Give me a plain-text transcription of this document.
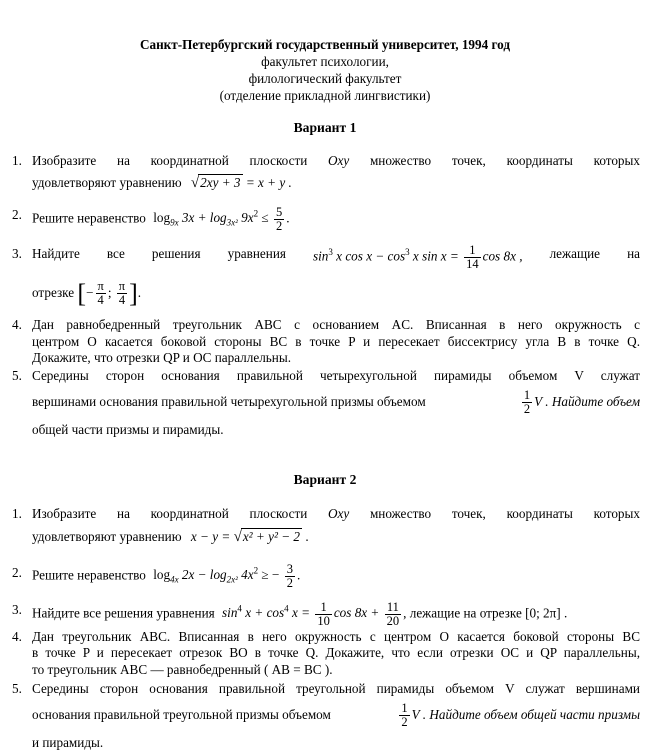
Санкт-Петербургский государственный университет, 1994 год
факультет психологии,
филологический факультет
(отделение прикладной лингвистики)
Вариант 1
1. Изобразите на координатной плоскости Oxy множество точек, координаты которых
удовлетворяют уравнению √2xy + 3 = x + y .
2. Решите неравенство $\log_{9x} 3x + \log_{3x^2} 9x^2 \le \frac{5}{2}$ .
3. Найдите все решения уравнения $\sin^3 x$ $\cos x - \cos^3 x$ $\sin x = \frac{1}{14}$ cos 8x , лежащие на
отрезке [− $\frac{\pi}{4}$ ; $\frac{\pi}{4}$ ].
4. Дан равнобедренный треугольник ABC с основанием AC. Вписанная в него окружность с
центром O касается боковой стороны BC в точке P и пересекает биссектрису угла B в точке Q.
Докажите, что отрезки QP и OC параллельны.
5. Середины сторон основания правильной четырехугольной пирамиды объемом V служат
вершинами основания правильной четырехугольной призмы объемом	$\frac{1}{2}$ V . Найдите объем
общей части призмы и пирамиды.
Вариант 2
1. Изобразите на координатной плоскости Oxy множество точек, координаты которых
удовлетворяют уравнению x − y = √x² + y² − 2 .
2. Решите неравенство $\log_{4x} 2x - \log_{2x^2} 4x^2$ ≥ − $\frac{3}{2}$ .
3. Найдите все решения уравнения $\sin^4 x + \cos^4 x = \frac{1}{10}$ $\cos 8x + \frac{11}{20}$ , лежащие на отрезке [0; 2π] .
4. Дан треугольник ABC. Вписанная в него окружность с центром O касается боковой стороны BC
в точке P и пересекает отрезок BO в точке Q. Докажите, что если отрезки OC и QP параллельны,
то треугольник ABC — равнобедренный ( AB = BC ).
5. Середины сторон основания правильной треугольной пирамиды объемом V служат вершинами
основания правильной треугольной призмы объемом	$\frac{1}{2}$ V . Найдите объем общей части призмы
и пирамиды.
